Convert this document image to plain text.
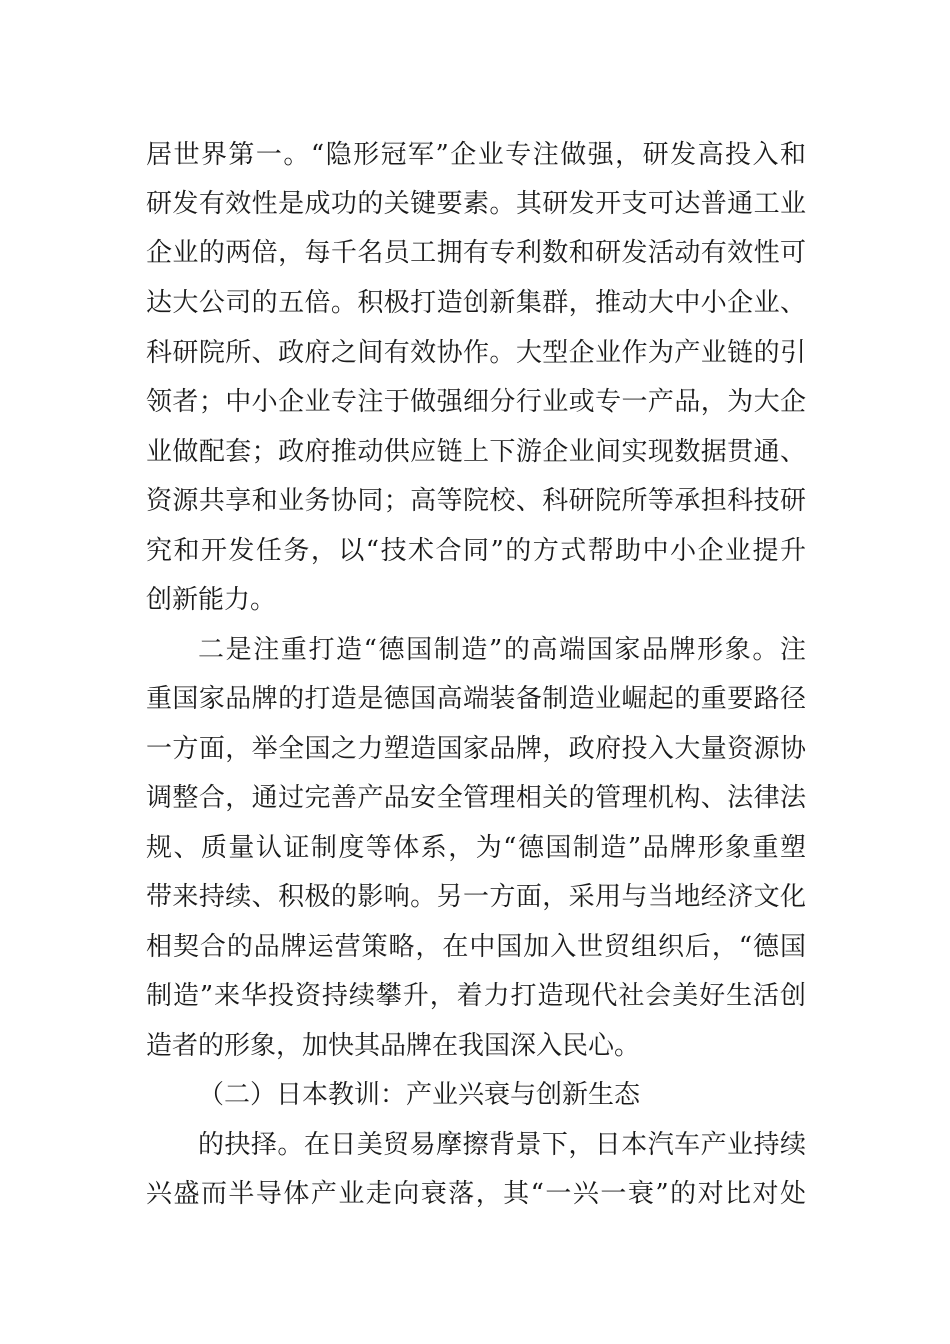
居世界第一。“隐形冠军”企业专注做强，研发高投入和

研发有效性是成功的关键要素。其研发开支可达普通工业

企业的两倍，每千名员工拥有专利数和研发活动有效性可

达大公司的五倍。积极打造创新集群，推动大中小企业、

科研院所、政府之间有效协作。大型企业作为产业链的引

领者；中小企业专注于做强细分行业或专一产品，为大企

业做配套；政府推动供应链上下游企业间实现数据贯通、

资源共享和业务协同；高等院校、科研院所等承担科技研

究和开发任务，以“技术合同”的方式帮助中小企业提升

创新能力。

二是注重打造“德国制造”的高端国家品牌形象。注

重国家品牌的打造是德国高端装备制造业崛起的重要路径

一方面，举全国之力塑造国家品牌，政府投入大量资源协

调整合，通过完善产品安全管理相关的管理机构、法律法

规、质量认证制度等体系，为“德国制造”品牌形象重塑

带来持续、积极的影响。另一方面，采用与当地经济文化

相契合的品牌运营策略，在中国加入世贸组织后，“德国

制造”来华投资持续攀升，着力打造现代社会美好生活创

造者的形象，加快其品牌在我国深入民心。

（二）日本教训：产业兴衰与创新生态

的抉择。在日美贸易摩擦背景下，日本汽车产业持续

兴盛而半导体产业走向衰落，其“一兴一衰”的对比对处
